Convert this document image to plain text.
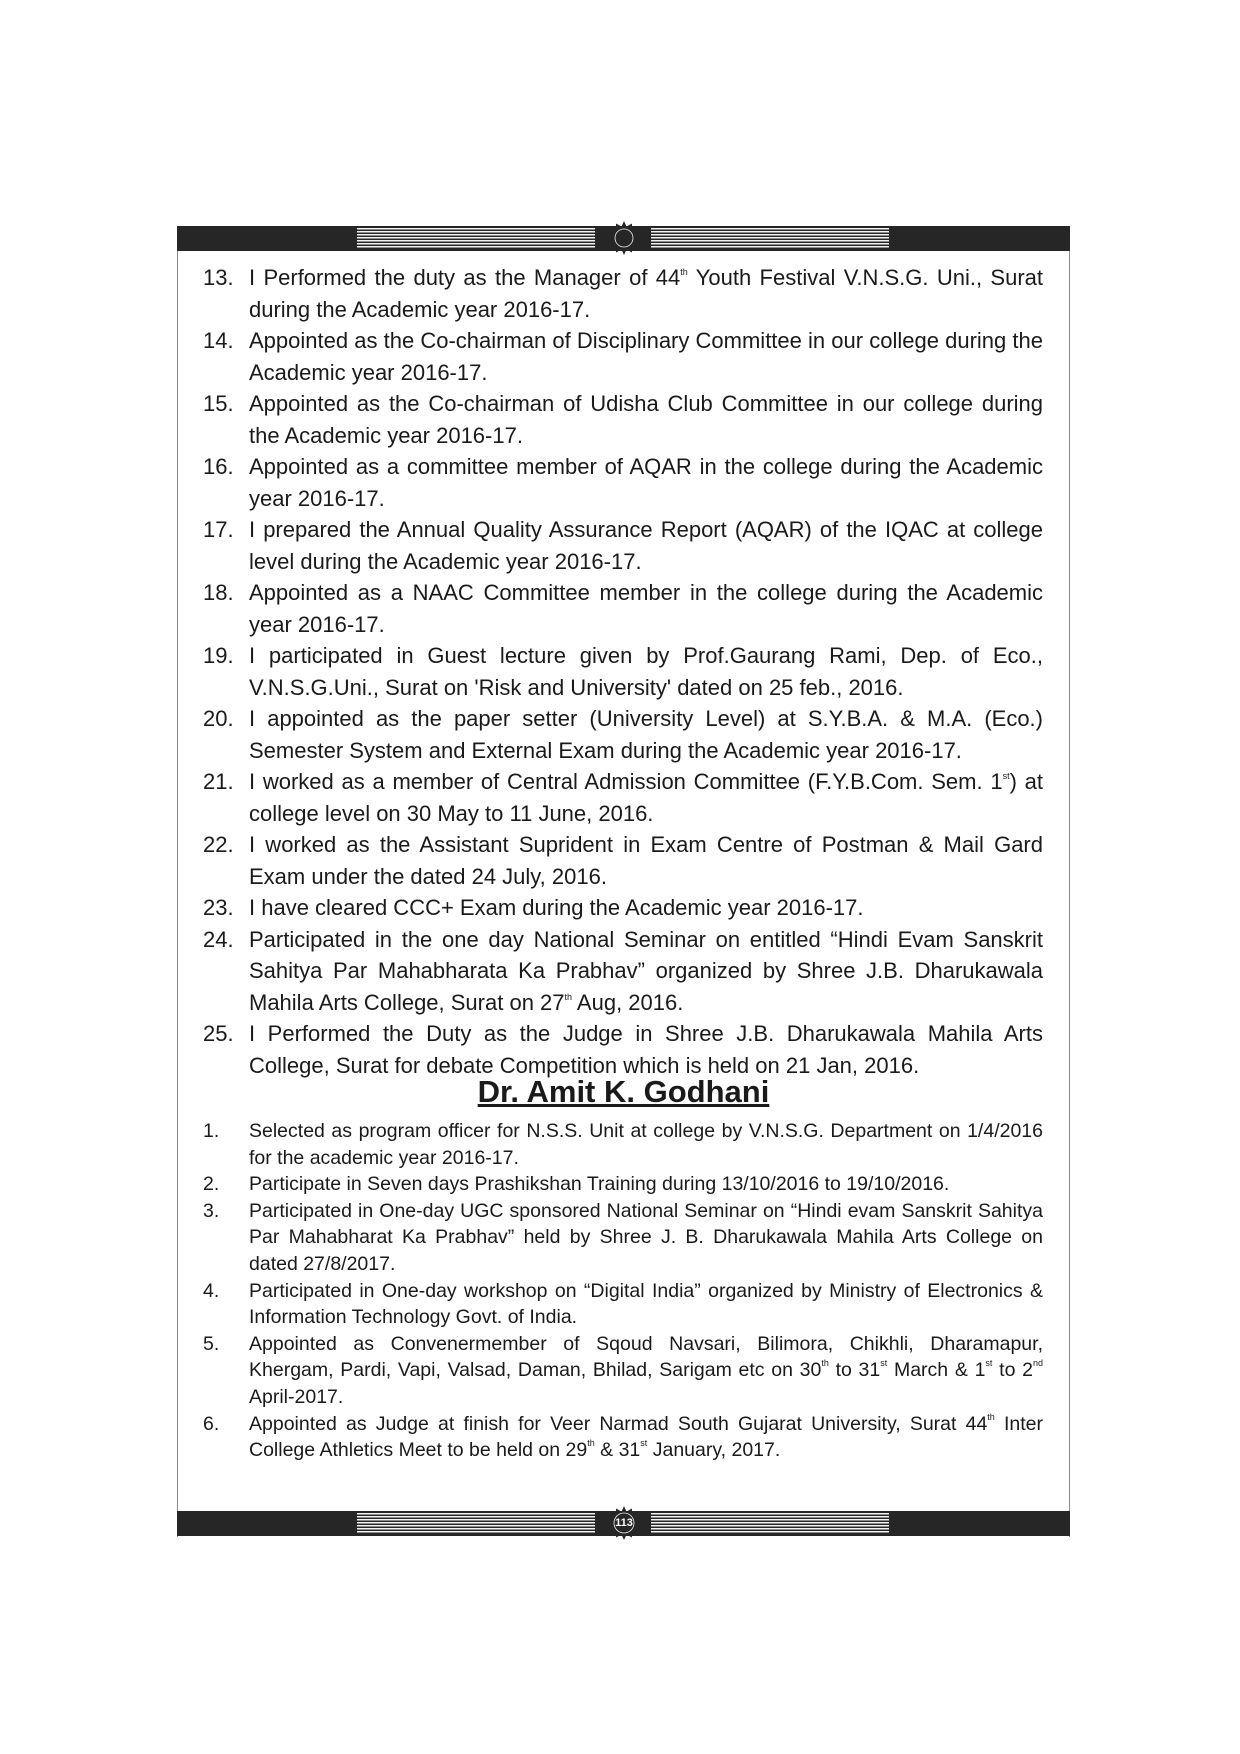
13. I Performed the duty as the Manager of 44th Youth Festival V.N.S.G. Uni., Surat during the Academic year 2016-17.
14. Appointed as the Co-chairman of Disciplinary Committee in our college during the Academic year 2016-17.
15. Appointed as the Co-chairman of Udisha Club Committee in our college during the Academic year 2016-17.
16. Appointed as a committee member of AQAR in the college during the Academic year 2016-17.
17. I prepared the Annual Quality Assurance Report (AQAR) of the IQAC at college level during the Academic year 2016-17.
18. Appointed as a NAAC Committee member in the college during the Academic year 2016-17.
19. I participated in Guest lecture given by Prof.Gaurang Rami, Dep. of Eco., V.N.S.G.Uni., Surat on 'Risk and University' dated on 25 feb., 2016.
20. I appointed as the paper setter (University Level) at S.Y.B.A. & M.A. (Eco.) Semester System and External Exam during the Academic year 2016-17.
21. I worked as a member of Central Admission Committee (F.Y.B.Com. Sem. 1st) at college level on 30 May to 11 June, 2016.
22. I worked as the Assistant Suprident in Exam Centre of Postman & Mail Gard Exam under the dated 24 July, 2016.
23. I have cleared CCC+ Exam during the Academic year 2016-17.
24. Participated in the one day National Seminar on entitled “Hindi Evam Sanskrit Sahitya Par Mahabharata Ka Prabhav” organized by Shree J.B. Dharukawala Mahila Arts College, Surat on 27th Aug, 2016.
25. I Performed the Duty as the Judge in Shree J.B. Dharukawala Mahila Arts College, Surat for debate Competition which is held on 21 Jan, 2016.
Dr. Amit K. Godhani
1. Selected as program officer for N.S.S. Unit at college by V.N.S.G. Department on 1/4/2016 for the academic year 2016-17.
2. Participate in Seven days Prashikshan Training during 13/10/2016 to 19/10/2016.
3. Participated in One-day UGC sponsored National Seminar on “Hindi evam Sanskrit Sahitya Par Mahabharat Ka Prabhav” held by Shree J. B. Dharukawala Mahila Arts College on dated 27/8/2017.
4. Participated in One-day workshop on “Digital India” organized by Ministry of Electronics & Information Technology Govt. of India.
5. Appointed as Convenermember of Sqoud Navsari, Bilimora, Chikhli, Dharamapur, Khergam, Pardi, Vapi, Valsad, Daman, Bhilad, Sarigam etc on 30th to 31st March & 1st to 2nd April-2017.
6. Appointed as Judge at finish for Veer Narmad South Gujarat University, Surat 44th Inter College Athletics Meet to be held on 29th & 31st January, 2017.
113
